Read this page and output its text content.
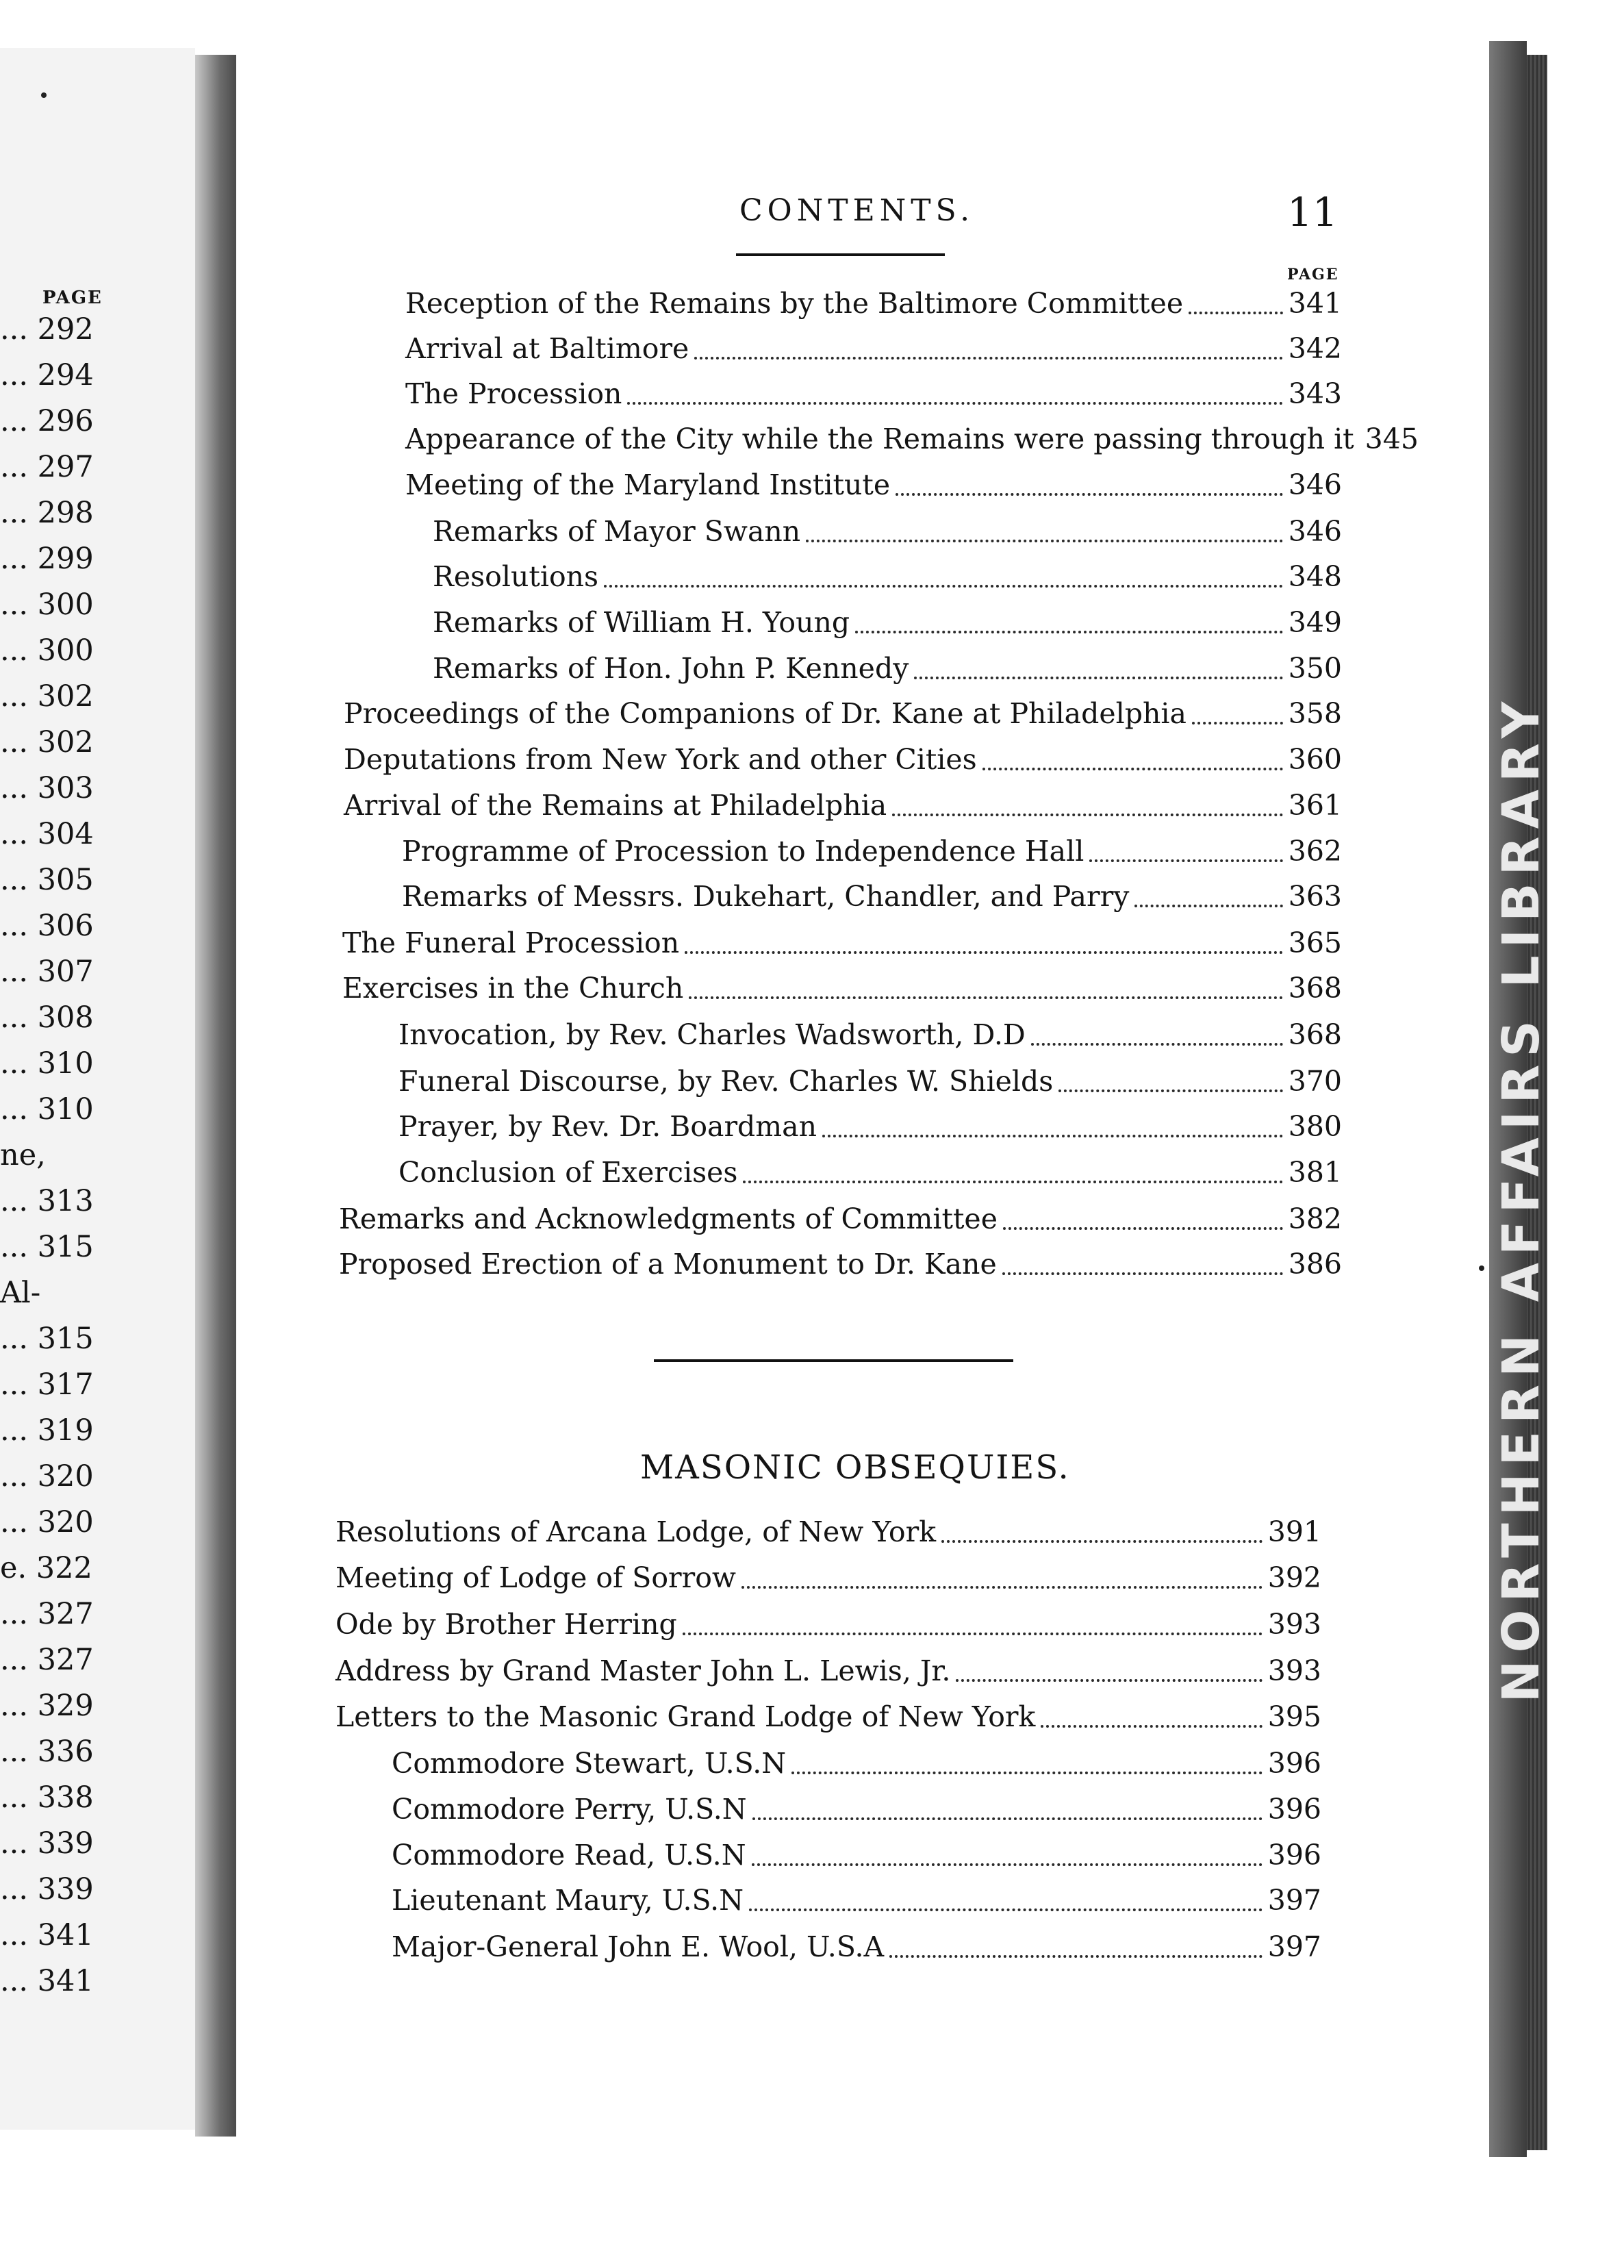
PAGE
... 292
... 294
... 296
... 297
... 298
... 299
... 300
... 300
... 302
... 302
... 303
... 304
... 305
... 306
... 307
... 308
... 310
... 310
ne,
... 313
... 315
Al-
... 315
... 317
... 319
... 320
... 320
e. 322
... 327
... 327
... 329
... 336
... 338
... 339
... 339
... 341
... 341
NORTHERN AFFAIRS LIBRARY
CONTENTS.	11
PAGE
Reception of the Remains by the Baltimore Committee	341
Arrival at Baltimore	342
The Procession	343
Appearance of the City while the Remains were passing through it 345
Meeting of the Maryland Institute	346
Remarks of Mayor Swann	346
Resolutions	348
Remarks of William H. Young	349
Remarks of Hon. John P. Kennedy	350
Proceedings of the Companions of Dr. Kane at Philadelphia	358
Deputations from New York and other Cities	360
Arrival of the Remains at Philadelphia	361
Programme of Procession to Independence Hall	362
Remarks of Messrs. Dukehart, Chandler, and Parry	363
The Funeral Procession	365
Exercises in the Church	368
Invocation, by Rev. Charles Wadsworth, D.D	368
Funeral Discourse, by Rev. Charles W. Shields	370
Prayer, by Rev. Dr. Boardman	380
Conclusion of Exercises	381
Remarks and Acknowledgments of Committee	382
Proposed Erection of a Monument to Dr. Kane	386
MASONIC OBSEQUIES.
Resolutions of Arcana Lodge, of New York	391
Meeting of Lodge of Sorrow	392
Ode by Brother Herring	393
Address by Grand Master John L. Lewis, Jr.	393
Letters to the Masonic Grand Lodge of New York	395
Commodore Stewart, U.S.N	396
Commodore Perry, U.S.N	396
Commodore Read, U.S.N	396
Lieutenant Maury, U.S.N	397
Major-General John E. Wool, U.S.A	397
